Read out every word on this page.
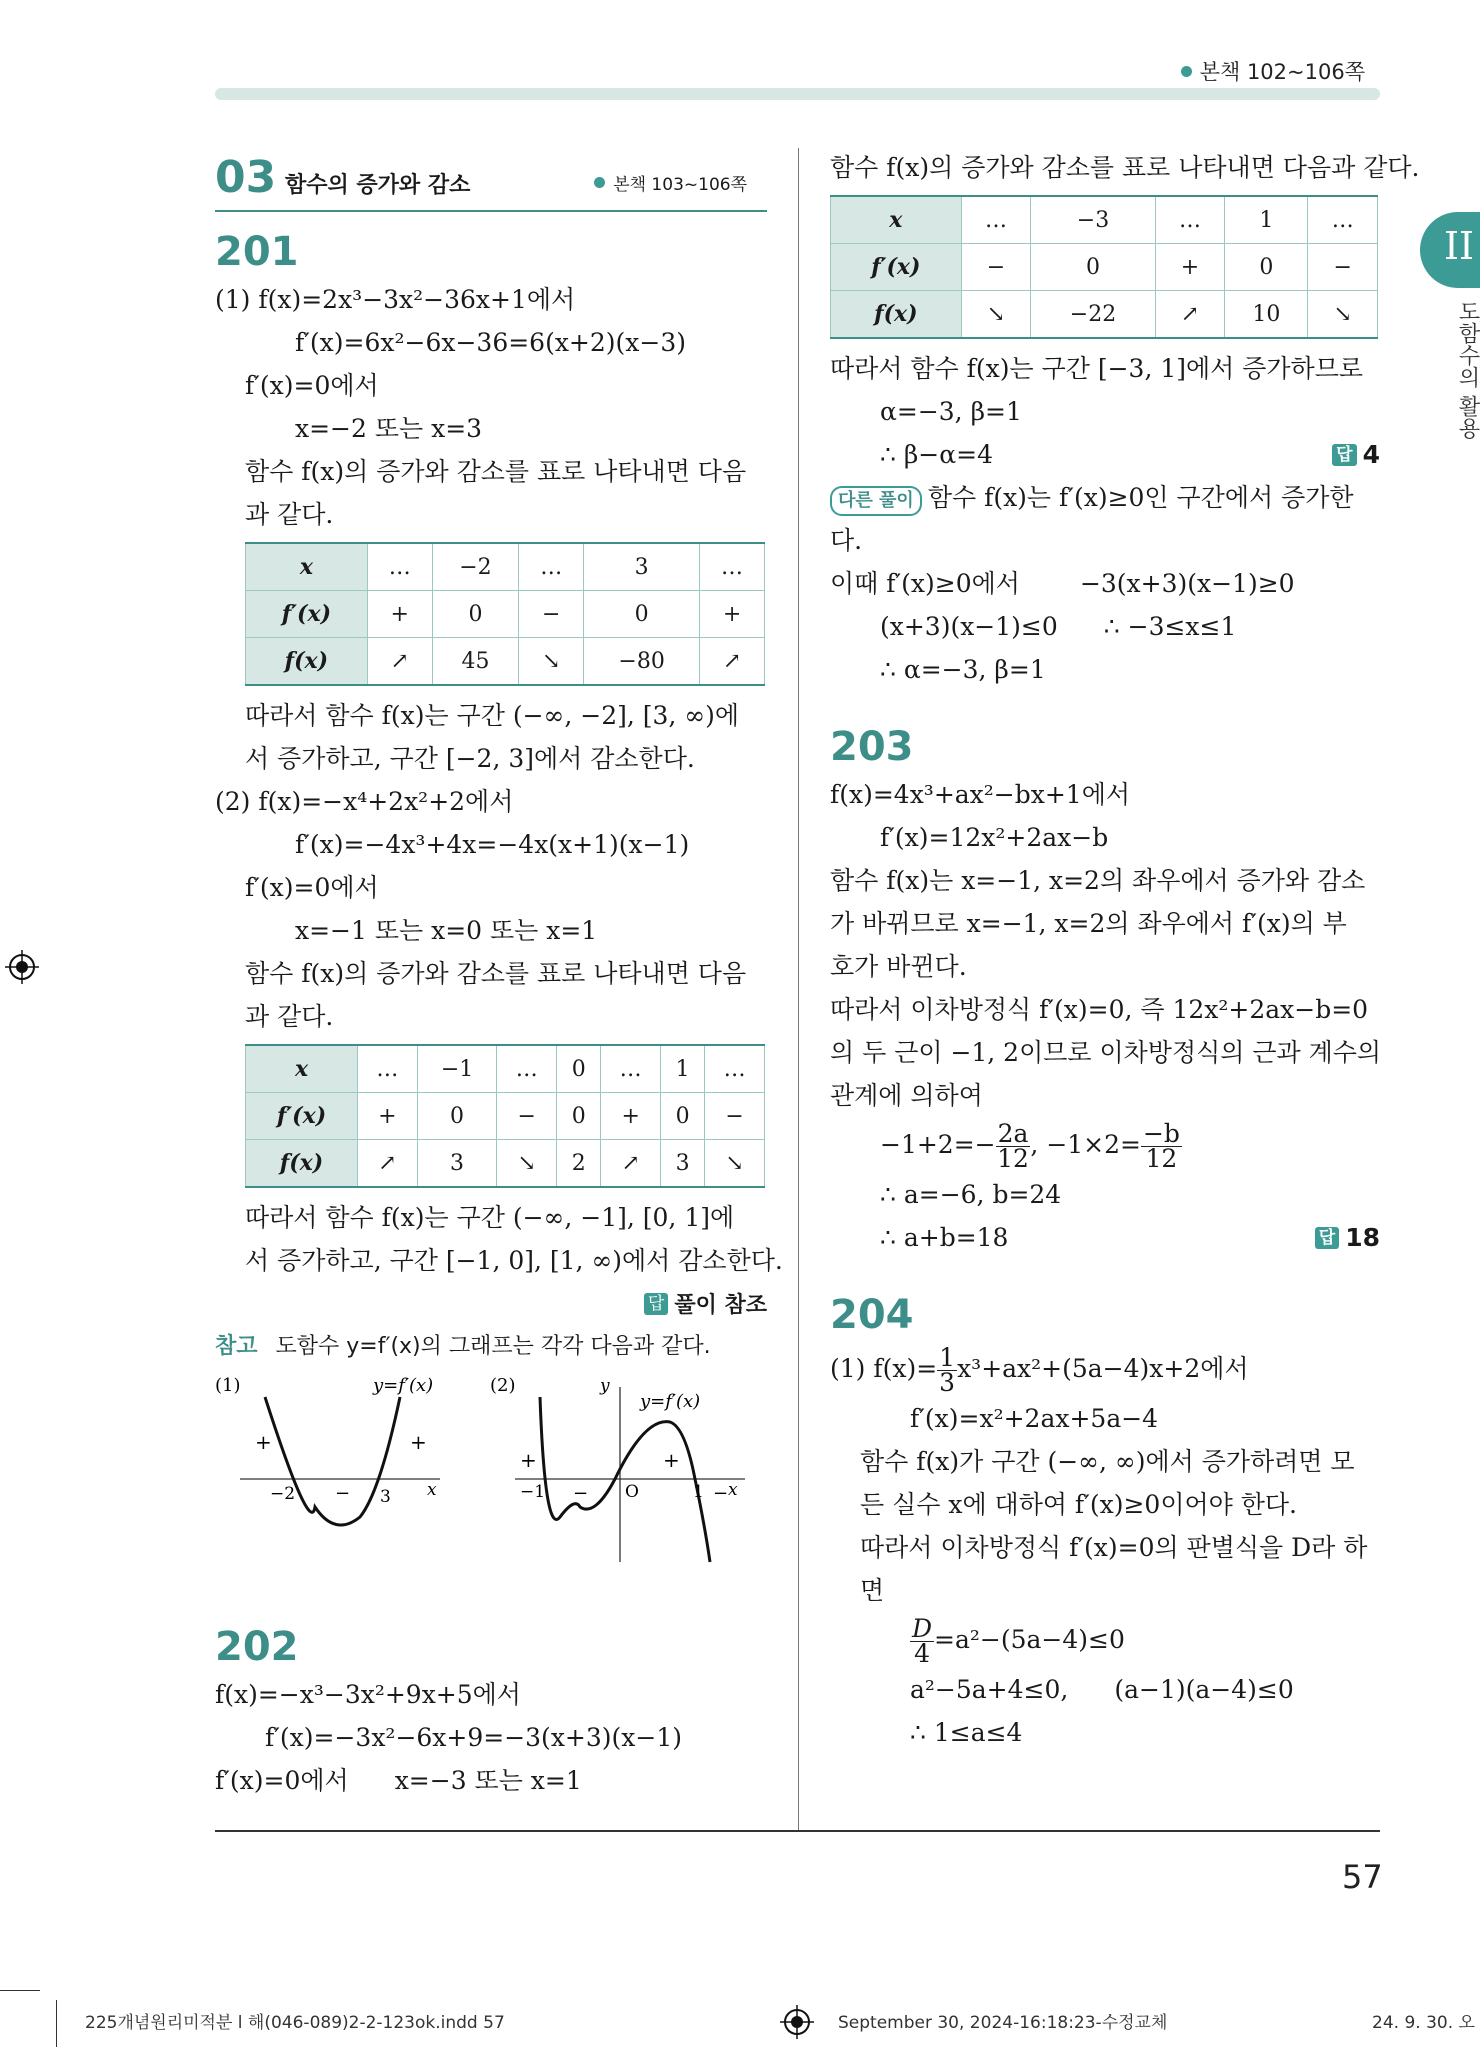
본책 102~106쪽
II
도함수의 활용
03 함수의 증가와 감소	본책 103~106쪽
201
(1) f(x)=2x³−3x²−36x+1에서
f′(x)=6x²−6x−36=6(x+2)(x−3)
f′(x)=0에서
x=−2 또는 x=3
함수 f(x)의 증가와 감소를 표로 나타내면 다음과 같다.
x	…	−2	…	3	…
f′(x)	+	0	−	0	+
f(x)	↗	45	↘	−80	↗
따라서 함수 f(x)는 구간 (−∞, −2], [3, ∞)에
서 증가하고, 구간 [−2, 3]에서 감소한다.
(2) f(x)=−x⁴+2x²+2에서
f′(x)=−4x³+4x=−4x(x+1)(x−1)
f′(x)=0에서
x=−1 또는 x=0 또는 x=1
함수 f(x)의 증가와 감소를 표로 나타내면 다음과 같다.
x	…	−1	…	0	…	1	…
f′(x)	+	0	−	0	+	0	−
f(x)	↗	3	↘	2	↗	3	↘
따라서 함수 f(x)는 구간 (−∞, −1], [0, 1]에
서 증가하고, 구간 [−1, 0], [1, ∞)에서 감소한다.
답 풀이 참조
참고 도함수 y=f′(x)의 그래프는 각각 다음과 같다.
(1)	y=f′(x)
+	+
−
−2	3 x
(2)	y
y=f′(x)
+	+
−	−
−1	O	1 x
202
f(x)=−x³−3x²+9x+5에서
f′(x)=−3x²−6x+9=−3(x+3)(x−1)
f′(x)=0에서 x=−3 또는 x=1
함수 f(x)의 증가와 감소를 표로 나타내면 다음과 같다.
x	…	−3	…	1	…
f′(x)	−	0	+	0	−
f(x)	↘	−22	↗	10	↘
따라서 함수 f(x)는 구간 [−3, 1]에서 증가하므로
α=−3, β=1
∴ β−α=4	답 4
다른 풀이 함수 f(x)는 f′(x)≥0인 구간에서 증가한
다.
이때 f′(x)≥0에서 −3(x+3)(x−1)≥0
(x+3)(x−1)≤0 ∴ −3≤x≤1
∴ α=−3, β=1
203
f(x)=4x³+ax²−bx+1에서
f′(x)=12x²+2ax−b
함수 f(x)는 x=−1, x=2의 좌우에서 증가와 감소
가 바뀌므로 x=−1, x=2의 좌우에서 f′(x)의 부
호가 바뀐다.
따라서 이차방정식 f′(x)=0, 즉 12x²+2ax−b=0
의 두 근이 −1, 2이므로 이차방정식의 근과 계수의
관계에 의하여
$-1+2=- \frac{2a}{12}$ , $-1\times 2= \frac{-b}{12}$
∴ a=−6, b=24
∴ a+b=18	답 18
204
(1) $f(x)= \frac{1}{3} x^3+ax^2+(5a-4)x+2$에서
f′(x)=x²+2ax+5a−4
함수 f(x)가 구간 (−∞, ∞)에서 증가하려면 모
든 실수 x에 대하여 f′(x)≥0이어야 한다.
따라서 이차방정식 f′(x)=0의 판별식을 D라 하
면
$\frac{D}{4} =a^2-(5a-4)\le 0$
a²−5a+4≤0, (a−1)(a−4)≤0
∴ 1≤a≤4
57
225개념원리미적분 l 해(046-089)2-2-123ok.indd 57	September 30, 2024-16:18:23-수정교체	24. 9. 30. 오
